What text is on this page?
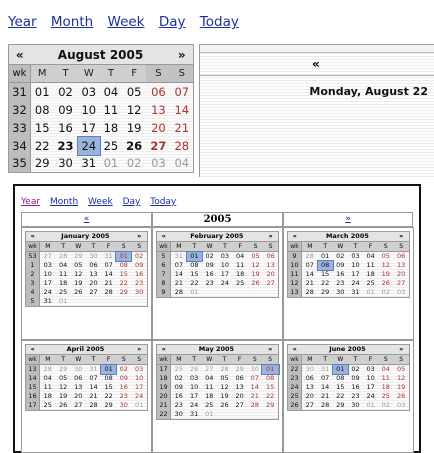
Year Month Week Day Today
«	August 2005						»
wk	M	T	W	T	F	S	S
31	01	02	03	04	05	06	07
32	08	09	10	11	12	13	14
33	15	16	17	18	19	20	21
34	22	23	24	25	26	27	28
35	29	30	31	01	02	03	04
«
Monday, August 22
Year Month Week Day Today
«	2005	»
«	January 2005						»
wk	M	T	W	T	F	S	S
53	27	28	29	30	31	01	02
1	03	04	05	06	07	08	09
2	10	11	12	13	14	15	16
3	17	18	19	20	21	22	23
4	24	25	26	27	28	29	30
5	31	01					
«	February 2005						»
wk	M	T	W	T	F	S	S
5	31	01	02	03	04	05	06
6	07	08	09	10	11	12	13
7	14	15	16	17	18	19	20
8	21	22	23	24	25	26	27
9	28	01					
«	March 2005						»
wk	M	T	W	T	F	S	S
9	28	01	02	03	04	05	06
10	07	08	09	10	11	12	13
11	14	15	16	17	18	19	20
12	21	22	23	24	25	26	27
13	28	29	30	31	01	02	03
«	April 2005						»
wk	M	T	W	T	F	S	S
13	28	29	30	31	01	02	03
14	04	05	06	07	08	09	10
15	11	12	13	14	15	16	17
16	18	19	20	21	22	23	24
17	25	26	27	28	29	30	01
«	May 2005						»
wk	M	T	W	T	F	S	S
17	25	26	27	28	29	30	01
18	02	03	04	05	06	07	08
19	09	10	11	12	13	14	15
20	16	17	18	19	20	21	22
21	23	24	25	26	27	28	29
22	30	31	01				
«	June 2005						»
wk	M	T	W	T	F	S	S
22	30	31	01	02	03	04	05
23	06	07	08	09	10	11	12
24	13	14	15	16	17	18	19
25	20	21	22	23	24	25	26
26	27	28	29	30	01	02	03
